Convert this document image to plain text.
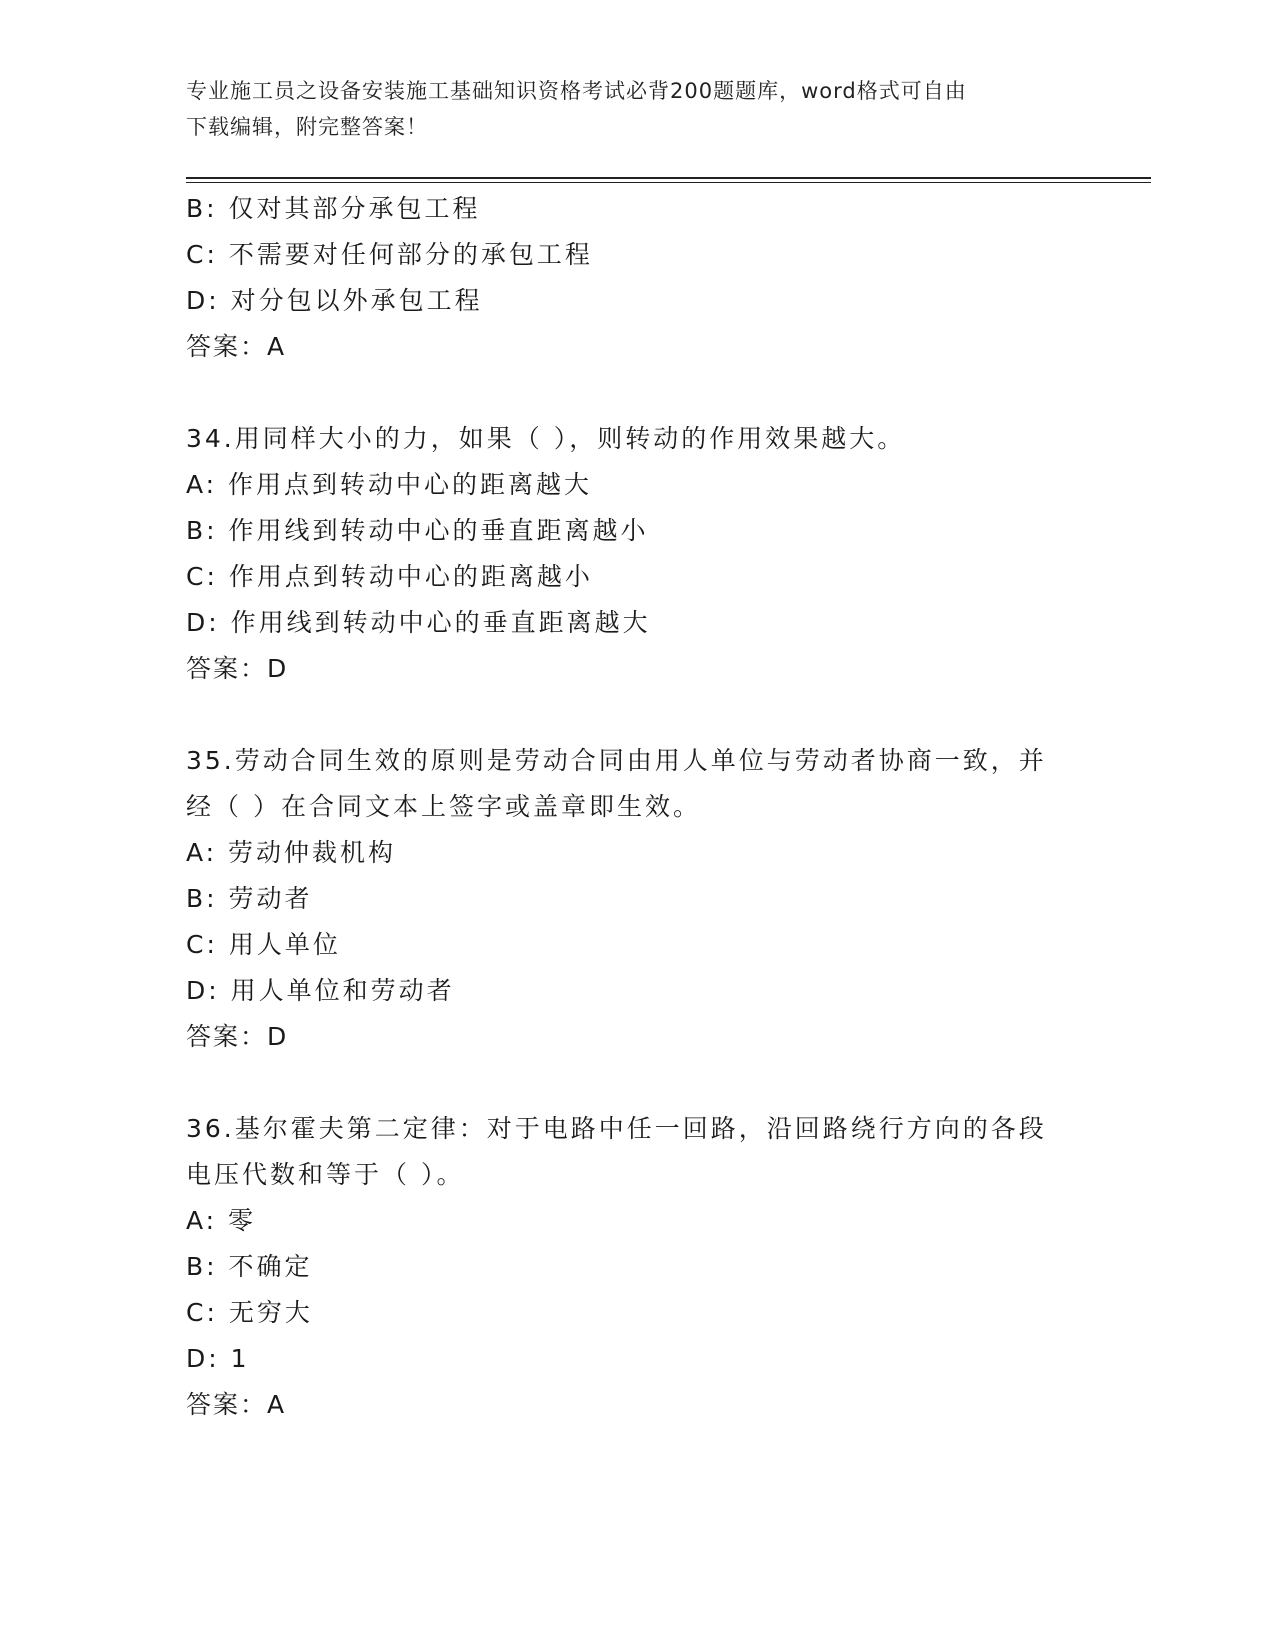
专业施工员之设备安装施工基础知识资格考试必背200题题库，word格式可自由
下载编辑，附完整答案！
B: 仅对其部分承包工程
C: 不需要对任何部分的承包工程
D: 对分包以外承包工程
答案：A
34.用同样大小的力，如果（ ），则转动的作用效果越大。
A: 作用点到转动中心的距离越大
B: 作用线到转动中心的垂直距离越小
C: 作用点到转动中心的距离越小
D: 作用线到转动中心的垂直距离越大
答案：D
35.劳动合同生效的原则是劳动合同由用人单位与劳动者协商一致，并
经（ ）在合同文本上签字或盖章即生效。
A: 劳动仲裁机构
B: 劳动者
C: 用人单位
D: 用人单位和劳动者
答案：D
36.基尔霍夫第二定律：对于电路中任一回路，沿回路绕行方向的各段
电压代数和等于（ ）。
A: 零
B: 不确定
C: 无穷大
D: 1
答案：A
